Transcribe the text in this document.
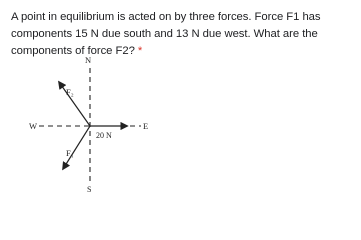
A point in equilibrium is acted on by three forces. Force F1 has components 15 N due south and 13 N due west. What are the components of force F2? *
N
S
W	E
F₂
F₁
20 N
